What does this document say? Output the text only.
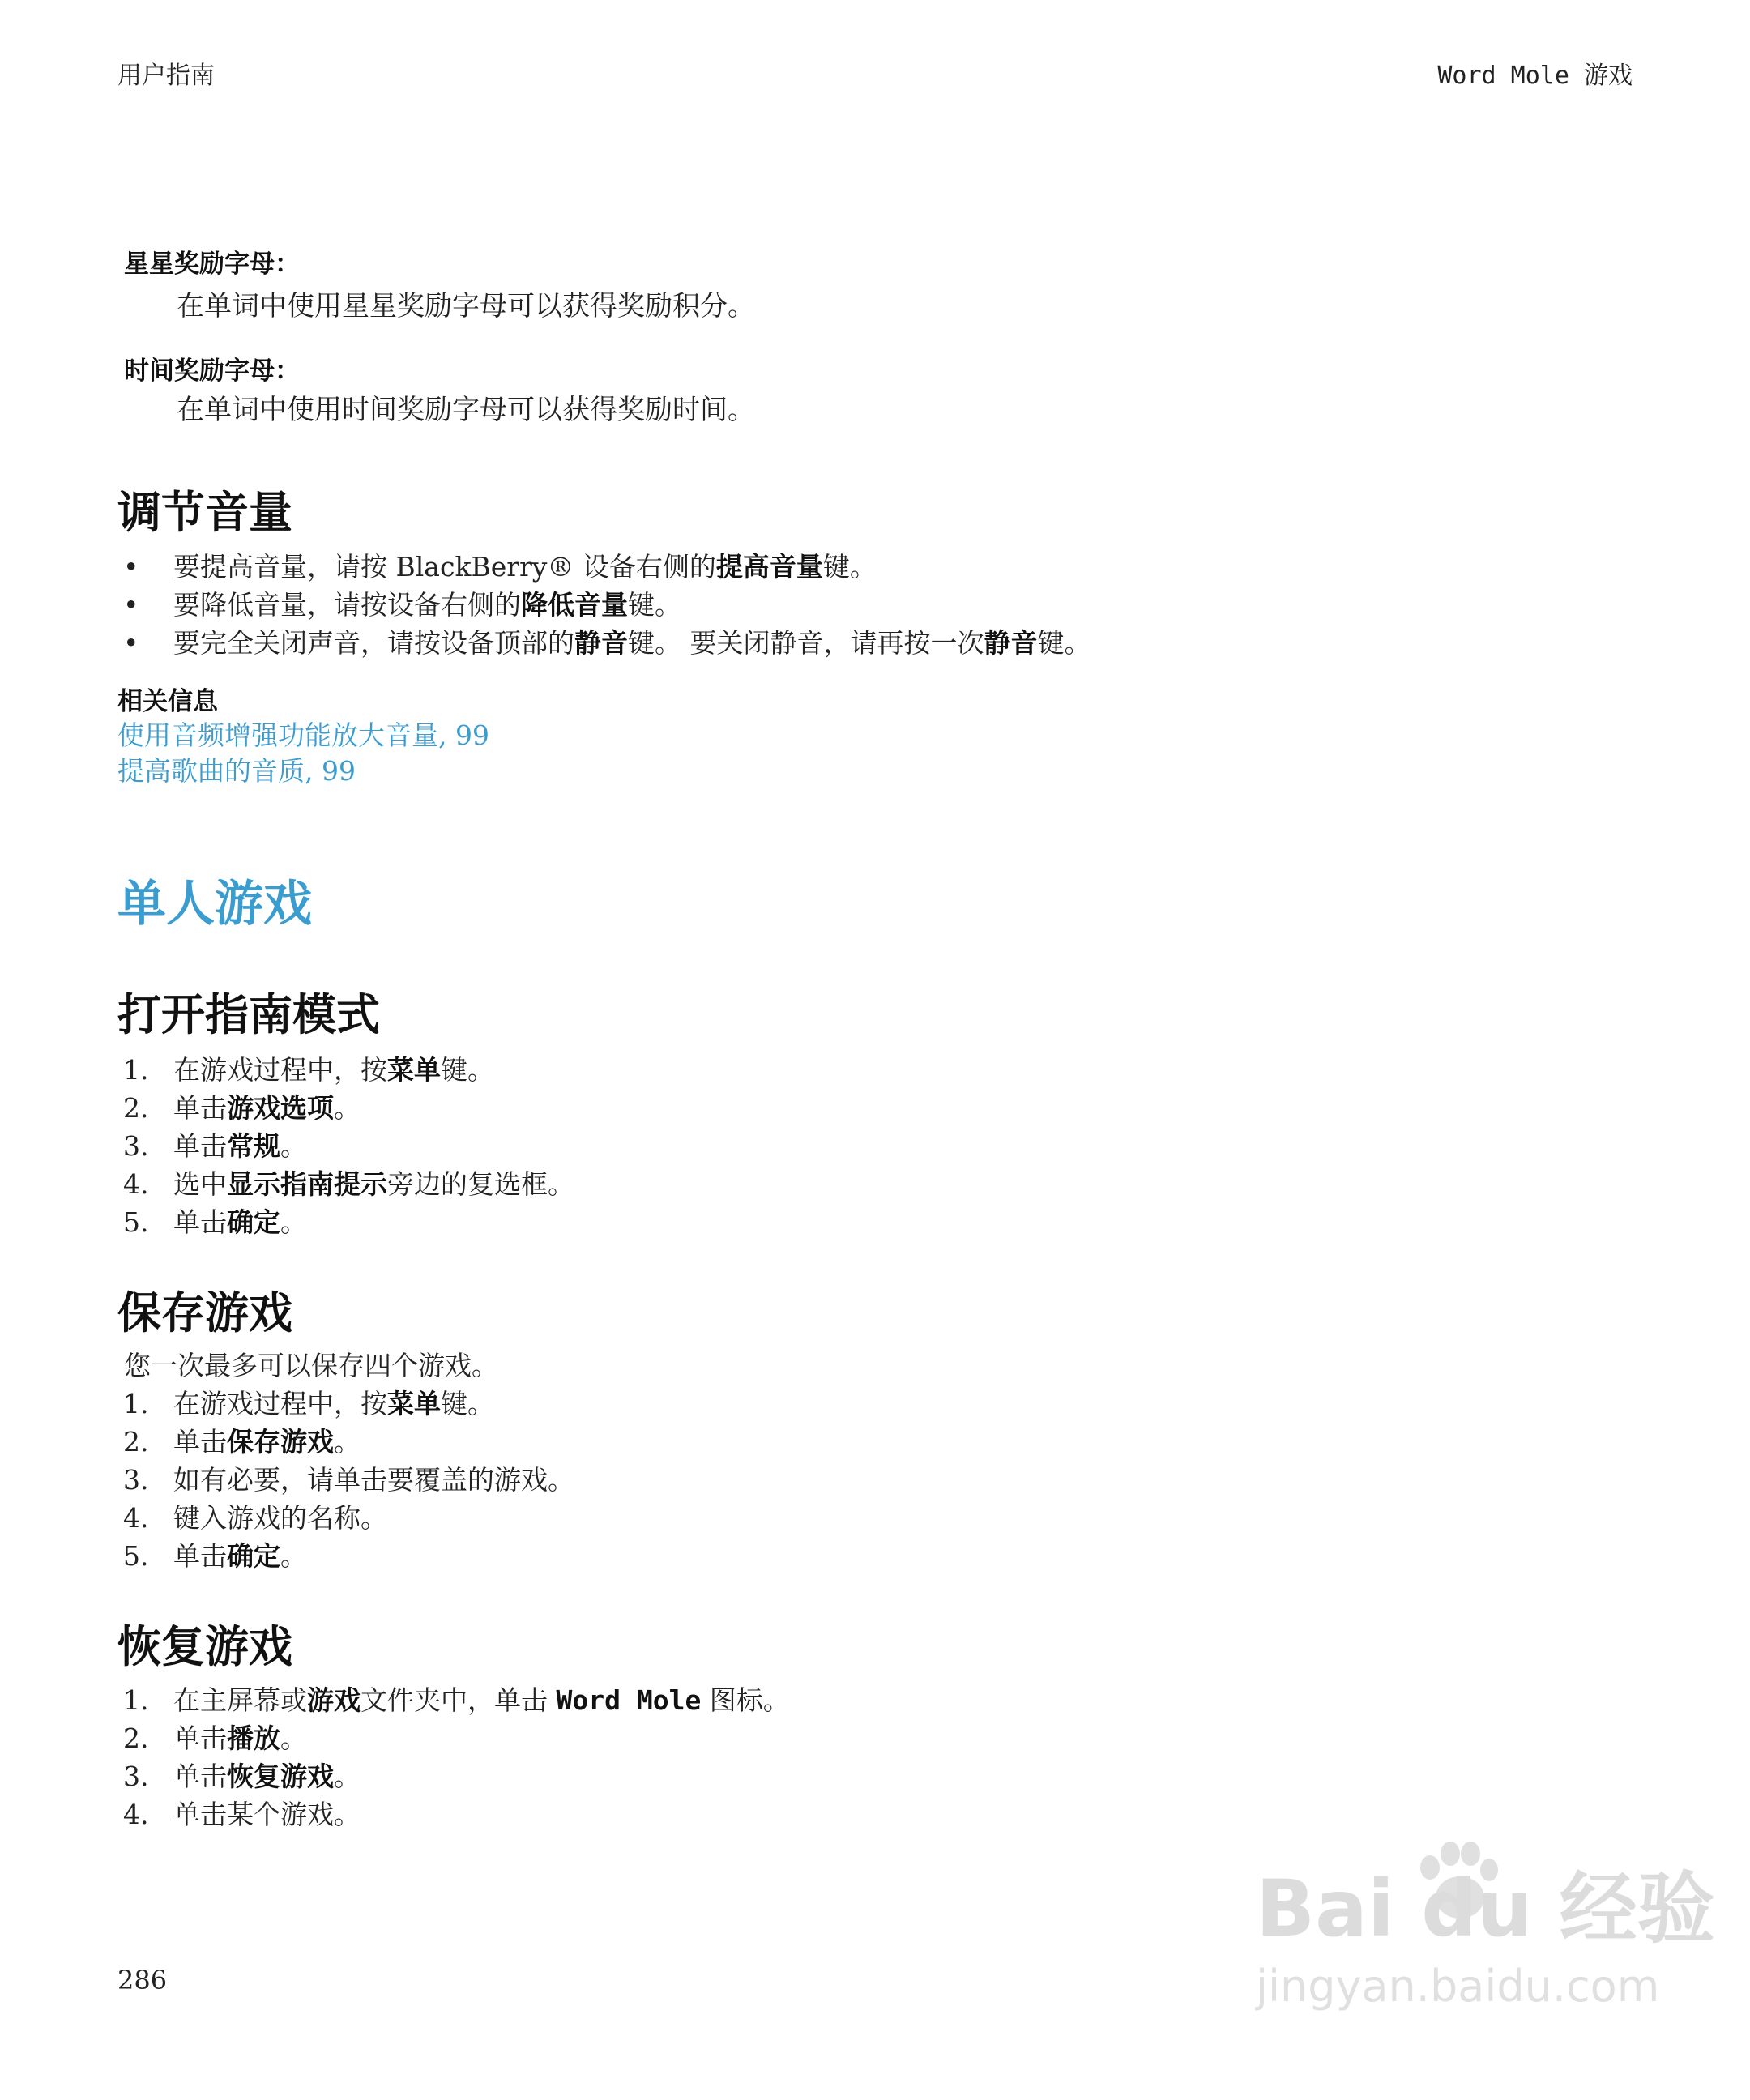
用户指南	Word Mole 游戏
星星奖励字母：
在单词中使用星星奖励字母可以获得奖励积分。
时间奖励字母：
在单词中使用时间奖励字母可以获得奖励时间。
调节音量
• 要提高音量，请按 BlackBerry® 设备右侧的提高音量键。
• 要降低音量，请按设备右侧的降低音量键。
• 要完全关闭声音，请按设备顶部的静音键。 要关闭静音，请再按一次静音键。
相关信息
使用音频增强功能放大音量, 99
提高歌曲的音质, 99
单人游戏
打开指南模式
1. 在游戏过程中，按菜单键。
2. 单击游戏选项。
3. 单击常规。
4. 选中显示指南提示旁边的复选框。
5. 单击确定。
保存游戏
您一次最多可以保存四个游戏。
1. 在游戏过程中，按菜单键。
2. 单击保存游戏。
3. 如有必要，请单击要覆盖的游戏。
4. 键入游戏的名称。
5. 单击确定。
恢复游戏
1. 在主屏幕或游戏文件夹中，单击 Word Mole 图标。
2. 单击播放。
3. 单击恢复游戏。
4. 单击某个游戏。
286
Bai du 经验
jingyan.baidu.com
